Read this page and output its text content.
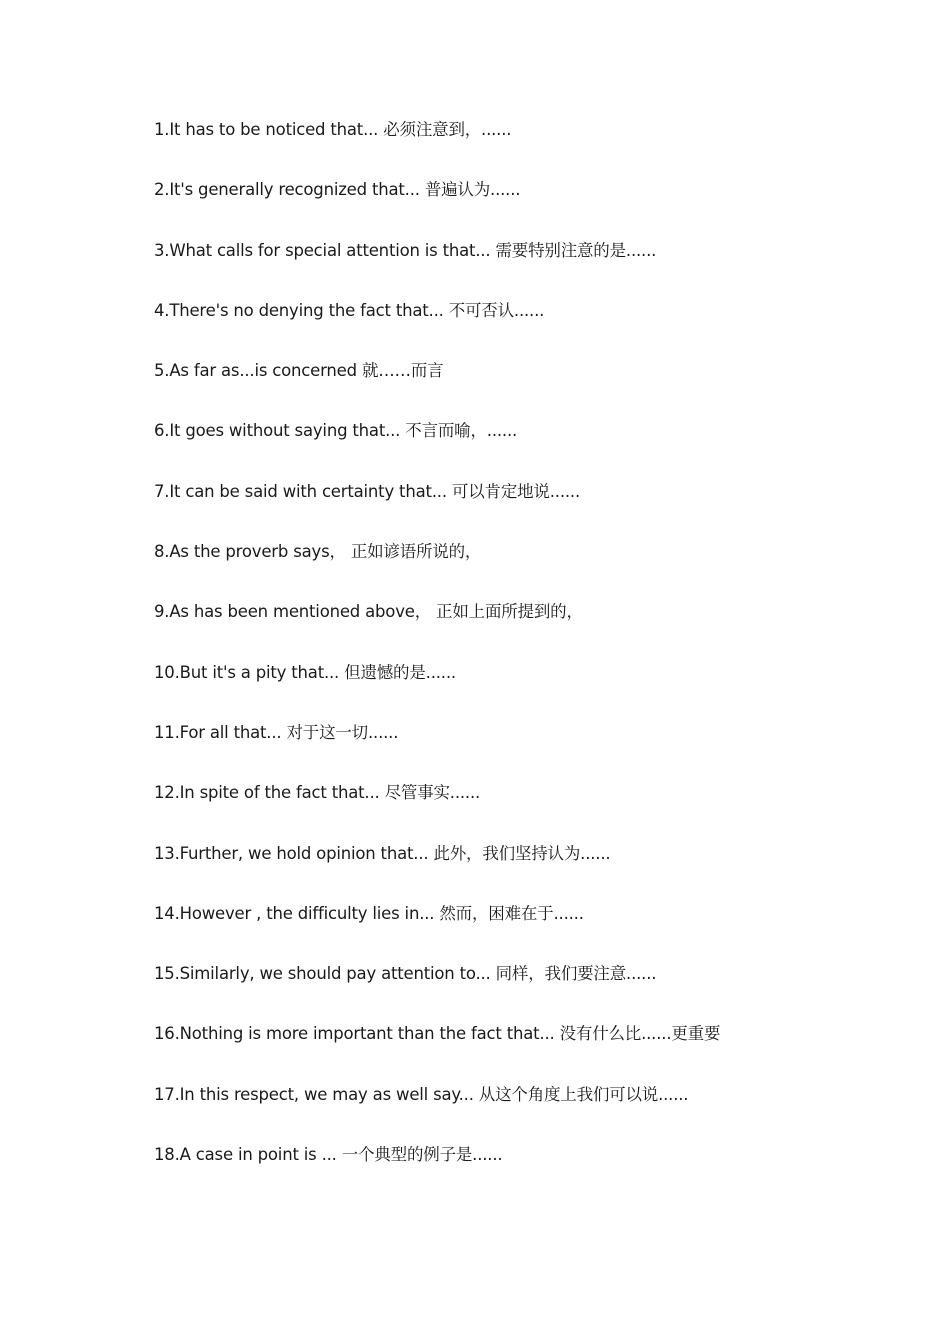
1.It has to be noticed that... 必须注意到，......
2.It's generally recognized that... 普遍认为......
3.What calls for special attention is that... 需要特别注意的是......
4.There's no denying the fact that... 不可否认......
5.As far as...is concerned 就……而言
6.It goes without saying that... 不言而喻，......
7.It can be said with certainty that... 可以肯定地说......
8.As the proverb says， 正如谚语所说的，
9.As has been mentioned above， 正如上面所提到的，
10.But it's a pity that... 但遗憾的是......
11.For all that... 对于这一切......
12.In spite of the fact that... 尽管事实......
13.Further, we hold opinion that... 此外，我们坚持认为......
14.However , the difficulty lies in... 然而，困难在于......
15.Similarly, we should pay attention to... 同样，我们要注意......
16.Nothing is more important than the fact that... 没有什么比......更重要
17.In this respect, we may as well say... 从这个角度上我们可以说......
18.A case in point is ... 一个典型的例子是......
